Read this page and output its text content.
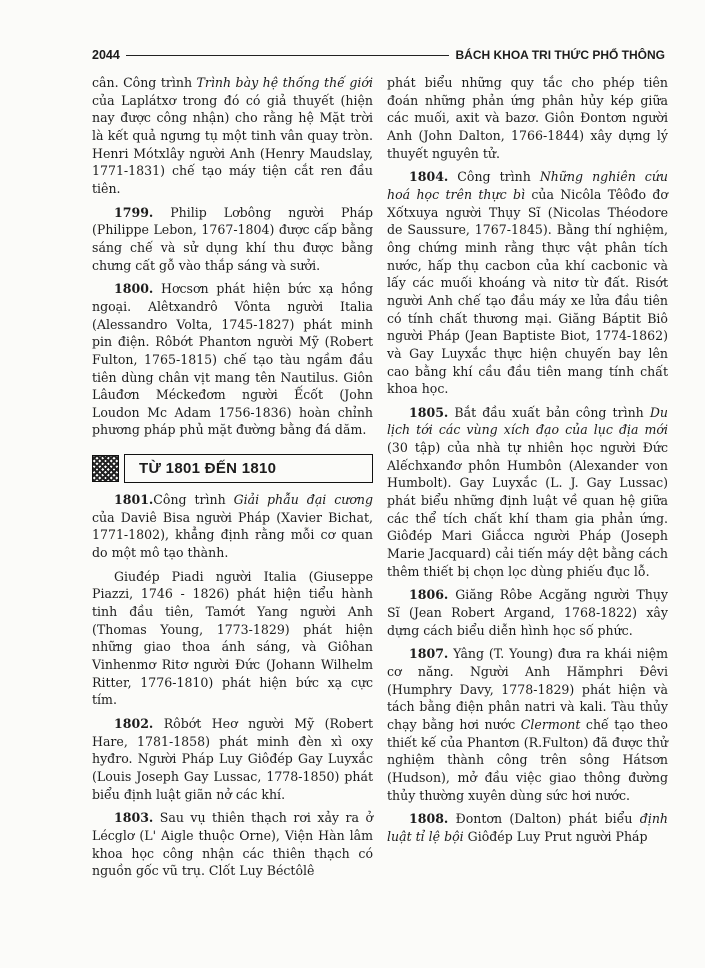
2044	BÁCH KHOA TRI THỨC PHỔ THÔNG

cân. Công trình Trình bày hệ thống thế giới của Laplátxơ trong đó có giả thuyết (hiện nay được công nhận) cho rằng hệ Mặt trời là kết quả ngưng tụ một tinh vân quay tròn. Henri Mótxlây người Anh (Henry Maudslay, 1771-1831) chế tạo máy tiện cắt ren đầu tiên.

1799. Philip Lơbông người Pháp (Philippe Lebon, 1767-1804) được cấp bằng sáng chế và sử dụng khí thu được bằng chưng cất gỗ vào thắp sáng và sưởi.

1800. Hơcsơn phát hiện bức xạ hồng ngoại. Alêtxandrô Vônta người Italia (Alessandro Volta, 1745-1827) phát minh pin điện. Rôbớt Phantơn người Mỹ (Robert Fulton, 1765-1815) chế tạo tàu ngầm đầu tiên dùng chân vịt mang tên Nautilus. Giôn Lâuđơn Méckeđơm người Ếcốt (John Loudon Mc Adam 1756-1836) hoàn chỉnh phương pháp phủ mặt đường bằng đá dăm.

TỪ 1801 ĐẾN 1810

1801.Công trình Giải phẫu đại cương của Daviê Bisa người Pháp (Xavier Bichat, 1771-1802), khẳng định rằng mỗi cơ quan do một mô tạo thành.

Giuđép Piadi người Italia (Giuseppe Piazzi, 1746 - 1826) phát hiện tiểu hành tinh đầu tiên, Tamớt Yang người Anh (Thomas Young, 1773-1829) phát hiện những giao thoa ánh sáng, và Giôhan Vinhenmơ Ritơ người Đức (Johann Wilhelm Ritter, 1776-1810) phát hiện bức xạ cực tím.

1802. Rôbớt Heơ người Mỹ (Robert Hare, 1781-1858) phát minh đèn xì oxy hyđro. Người Pháp Luy Giôđép Gay Luyxắc (Louis Joseph Gay Lussac, 1778-1850) phát biểu định luật giãn nở các khí.

1803. Sau vụ thiên thạch rơi xảy ra ở Lécglơ (L' Aigle thuộc Orne), Viện Hàn lâm khoa học công nhận các thiên thạch có nguồn gốc vũ trụ. Clốt Luy Béctôlê

phát biểu những quy tắc cho phép tiên đoán những phản ứng phân hủy kép giữa các muối, axit và bazơ. Giôn Đontơn người Anh (John Dalton, 1766-1844) xây dựng lý thuyết nguyên tử.

1804. Công trình Những nghiên cứu hoá học trên thực bì của Nicôla Têôđo đơ Xốtxuya người Thụy Sĩ (Nicolas Théodore de Saussure, 1767-1845). Bằng thí nghiệm, ông chứng minh rằng thực vật phân tích nước, hấp thụ cacbon của khí cacbonic và lấy các muối khoáng và nitơ từ đất. Risớt người Anh chế tạo đầu máy xe lửa đầu tiên có tính chất thương mại. Giăng Báptit Biô người Pháp (Jean Baptiste Biot, 1774-1862) và Gay Luyxắc thực hiện chuyến bay lên cao bằng khí cầu đầu tiên mang tính chất khoa học.

1805. Bắt đầu xuất bản công trình Du lịch tới các vùng xích đạo của lục địa mới (30 tập) của nhà tự nhiên học người Đức Alếchxanđơ phôn Humbôn (Alexander von Humbolt). Gay Luyxắc (L. J. Gay Lussac) phát biểu những định luật về quan hệ giữa các thể tích chất khí tham gia phản ứng. Giôđép Mari Giắcca người Pháp (Joseph Marie Jacquard) cải tiến máy dệt bằng cách thêm thiết bị chọn lọc dùng phiếu đục lỗ.

1806. Giăng Rôbe Acgăng người Thụy Sĩ (Jean Robert Argand, 1768-1822) xây dựng cách biểu diễn hình học số phức.

1807. Yâng (T. Young) đưa ra khái niệm cơ năng. Người Anh Hămphri Đêvi (Humphry Davy, 1778-1829) phát hiện và tách bằng điện phân natri và kali. Tàu thủy chạy bằng hơi nước Clermont chế tạo theo thiết kế của Phantơn (R.Fulton) đã được thử nghiệm thành công trên sông Hátsơn (Hudson), mở đầu việc giao thông đường thủy thường xuyên dùng sức hơi nước.

1808. Đontơn (Dalton) phát biểu định luật tỉ lệ bội Giôđép Luy Prut người Pháp
